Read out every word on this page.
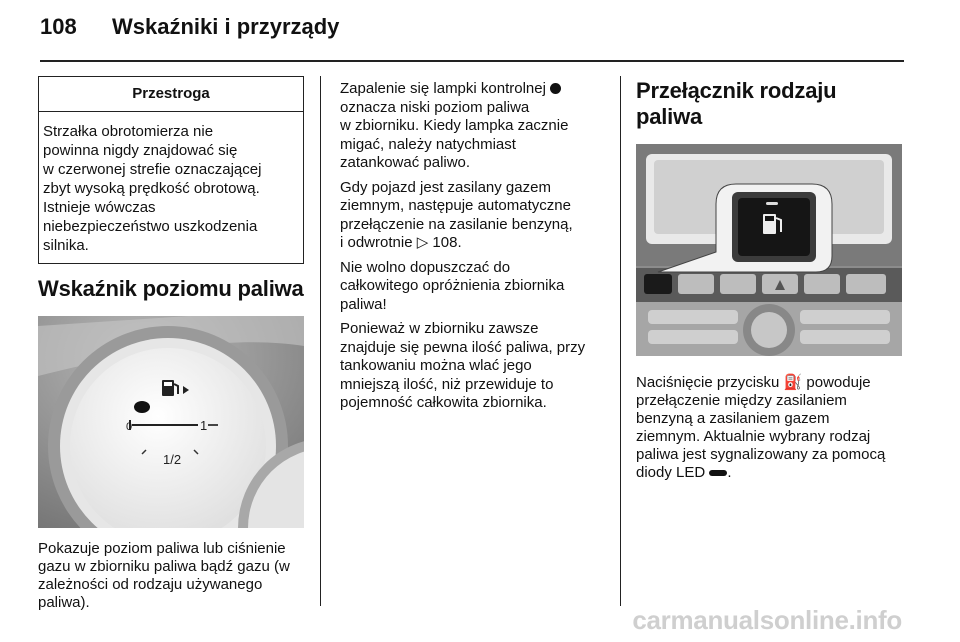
108 Wskaźniki i przyrządy
Przestroga
Strzałka obrotomierza nie
powinna nigdy znajdować się
w czerwonej strefie oznaczającej
zbyt wysoką prędkość obrotową.
Istnieje wówczas
niebezpieczeństwo uszkodzenia
silnika.
Wskaźnik poziomu paliwa
0
1/2
1
Pokazuje poziom paliwa lub ciśnienie
gazu w zbiorniku paliwa bądź gazu (w
zależności od rodzaju używanego
paliwa).
Zapalenie się lampki kontrolnej
oznacza niski poziom paliwa
w zbiorniku. Kiedy lampka zacznie
migać, należy natychmiast
zatankować paliwo.
Gdy pojazd jest zasilany gazem
ziemnym, następuje automatyczne
przełączenie na zasilanie benzyną,
i odwrotnie ▷ 108.
Nie wolno dopuszczać do
całkowitego opróżnienia zbiornika
paliwa!
Ponieważ w zbiorniku zawsze
znajduje się pewna ilość paliwa, przy
tankowaniu można wlać jego
mniejszą ilość, niż przewiduje to
pojemność całkowita zbiornika.
Przełącznik rodzaju paliwa
Naciśnięcie przycisku ⛽ powoduje
przełączenie między zasilaniem
benzyną a zasilaniem gazem
ziemnym. Aktualnie wybrany rodzaj
paliwa jest sygnalizowany za pomocą
diody LED .
carmanualsonline.info
